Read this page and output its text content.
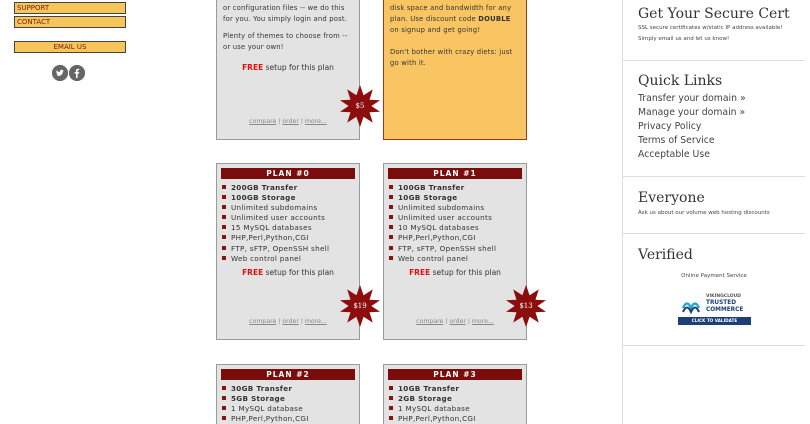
SUPPORT
CONTACT
EMAIL US
or configuration files -- we do this for you. You simply login and post.
Plenty of themes to choose from -- or use your own!
FREE setup for this plan
compare | order | more...
$5
disk space and bandwidth for any plan. Use discount code DOUBLE on signup and get going!
Don't bother with crazy diets: just go with it.
PLAN #0
200GB Transfer
100GB Storage
Unlimited subdomains
Unlimited user accounts
15 MySQL databases
PHP,Perl,Python,CGI
FTP, sFTP, OpenSSH shell
Web control panel
FREE setup for this plan
compare | order | more...
$19
PLAN #1
100GB Transfer
10GB Storage
Unlimited subdomains
Unlimited user accounts
10 MySQL databases
PHP,Perl,Python,CGI
FTP, sFTP, OpenSSH shell
Web control panel
FREE setup for this plan
compare | order | more...
$13
PLAN #2
30GB Transfer
5GB Storage
1 MySQL database
PHP,Perl,Python,CGI
PLAN #3
10GB Transfer
2GB Storage
1 MySQL database
PHP,Perl,Python,CGI
Get Your Secure Cert
SSL secure certificates w/static IP address available!
Simply email us and let us know!
Quick Links
Transfer your domain »
Manage your domain »
Privacy Policy
Terms of Service
Acceptable Use
Everyone
Ask us about our volume web hosting discounts
Verified
Online Payment Service
VIKINGCLOUD
TRUSTED
COMMERCE
CLICK TO VALIDATE
